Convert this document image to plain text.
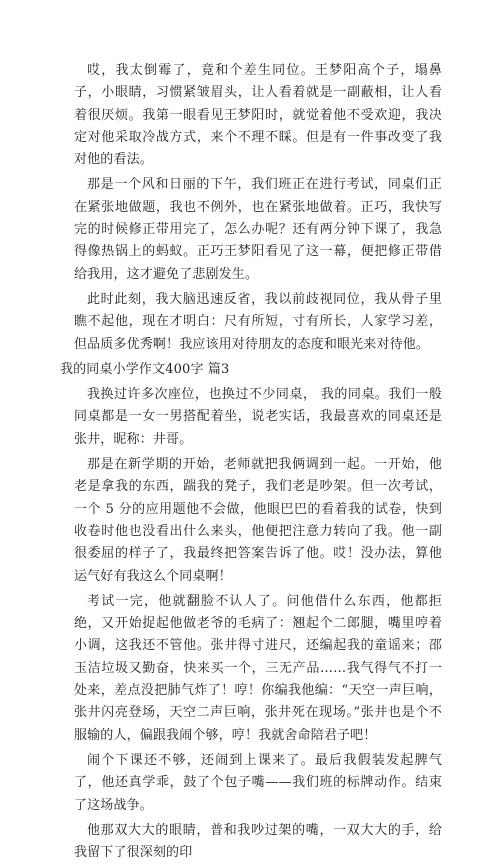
哎，我太倒霉了，竟和个差生同位。王梦阳高个子，塌鼻子，小眼睛，习惯紧皱眉头，让人看着就是一副蔽相，让人看着很厌烦。我第一眼看见王梦阳时，就觉着他不受欢迎，我决定对他采取冷战方式，来个不理不睬。但是有一件事改变了我对他的看法。

那是一个风和日丽的下午，我们班正在进行考试，同桌们正在紧张地做题，我也不例外，也在紧张地做着。正巧，我快写完的时候修正带用完了，怎么办呢？还有两分钟下课了，我急得像热锅上的蚂蚁。正巧王梦阳看见了这一幕，便把修正带借给我用，这才避免了悲剧发生。

此时此刻，我大脑迅速反省，我以前歧视同位，我从骨子里瞧不起他，现在才明白：尺有所短，寸有所长，人家学习差，但品质多优秀啊！我应该用对待朋友的态度和眼光来对待他。

我的同桌小学作文400字 篇3

我换过许多次座位，也换过不少同桌， 我的同桌。我们一般同桌都是一女一男搭配着坐，说老实话，我最喜欢的同桌还是张井，昵称：井哥。

那是在新学期的开始，老师就把我俩调到一起。一开始，他老是拿我的东西，踹我的凳子，我们老是吵架。但一次考试，一个 5 分的应用题他不会做，他眼巴巴的看着我的试卷，快到收卷时他也没看出什么来头，他便把注意力转向了我。他一副很委屈的样子了，我最终把答案告诉了他。哎！没办法，算他运气好有我这么个同桌啊！

考试一完，他就翻脸不认人了。问他借什么东西，他都拒绝，又开始捉起他做老爷的毛病了：翘起个二郎腿，嘴里哼着小调，这我还不管他。张井得寸进尺，还编起我的童谣来；邵玉洁垃圾又勤奋，快来买一个，三无产品……我气得气不打一处来，差点没把肺气炸了！哼！你编我他编：“天空一声巨响，张井闪亮登场，天空二声巨响，张井死在现场。”张井也是个不服输的人，偏跟我闹个够，哼！我就舍命陪君子吧！

闹个下课还不够，还闹到上课来了。最后我假装发起脾气了，他还真学乖，鼓了个包子嘴——我们班的标牌动作。结束了这场战争。

他那双大大的眼睛，普和我吵过架的嘴，一双大大的手，给我留下了很深刻的印
